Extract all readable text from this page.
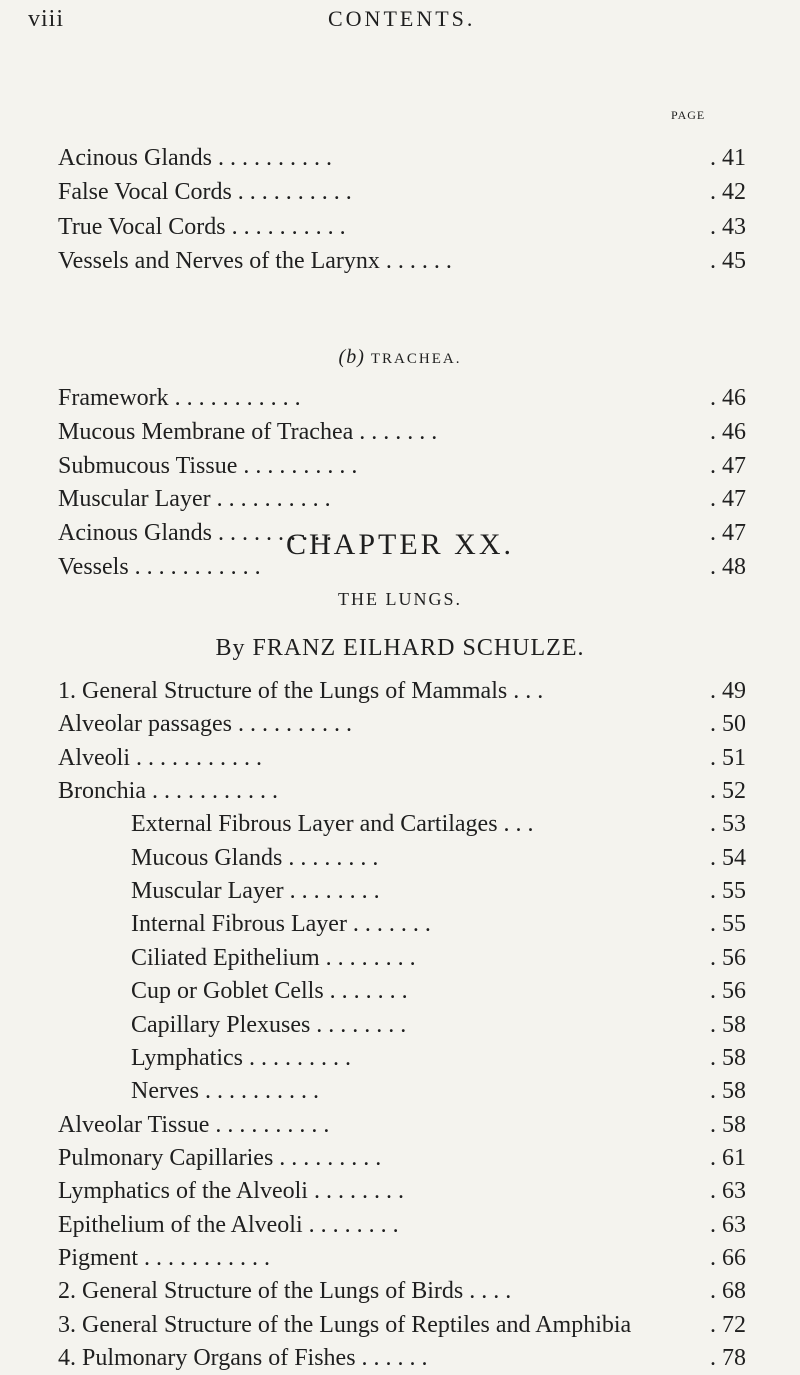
viii	CONTENTS.
PAGE
Acinous Glands . . . . . . . . . .	. 41
False Vocal Cords . . . . . . . . . .	. 42
True Vocal Cords . . . . . . . . . .	. 43
Vessels and Nerves of the Larynx . . . . . .	. 45
Framework . . . . . . . . . . .	. 46
Mucous Membrane of Trachea . . . . . . .	. 46
Submucous Tissue . . . . . . . . . .	. 47
Muscular Layer . . . . . . . . . .	. 47
Acinous Glands . . . . . . . . . .	. 47
Vessels . . . . . . . . . . .	. 48
1. General Structure of the Lungs of Mammals . . .	. 49
Alveolar passages . . . . . . . . . .	. 50
Alveoli . . . . . . . . . . .	. 51
Bronchia . . . . . . . . . . .	. 52
External Fibrous Layer and Cartilages . . .	. 53
Mucous Glands . . . . . . . .	. 54
Muscular Layer . . . . . . . .	. 55
Internal Fibrous Layer . . . . . . .	. 55
Ciliated Epithelium . . . . . . . .	. 56
Cup or Goblet Cells . . . . . . .	. 56
Capillary Plexuses . . . . . . . .	. 58
Lymphatics . . . . . . . . .	. 58
Nerves . . . . . . . . . .	. 58
Alveolar Tissue . . . . . . . . . .	. 58
Pulmonary Capillaries . . . . . . . . .	. 61
Lymphatics of the Alveoli . . . . . . . .	. 63
Epithelium of the Alveoli . . . . . . . .	. 63
Pigment . . . . . . . . . . .	. 66
2. General Structure of the Lungs of Birds . . . .	. 68
3. General Structure of the Lungs of Reptiles and Amphibia	. 72
4. Pulmonary Organs of Fishes . . . . . .	. 78
(b) TRACHEA.
CHAPTER XX.
THE LUNGS.
By FRANZ EILHARD SCHULZE.
